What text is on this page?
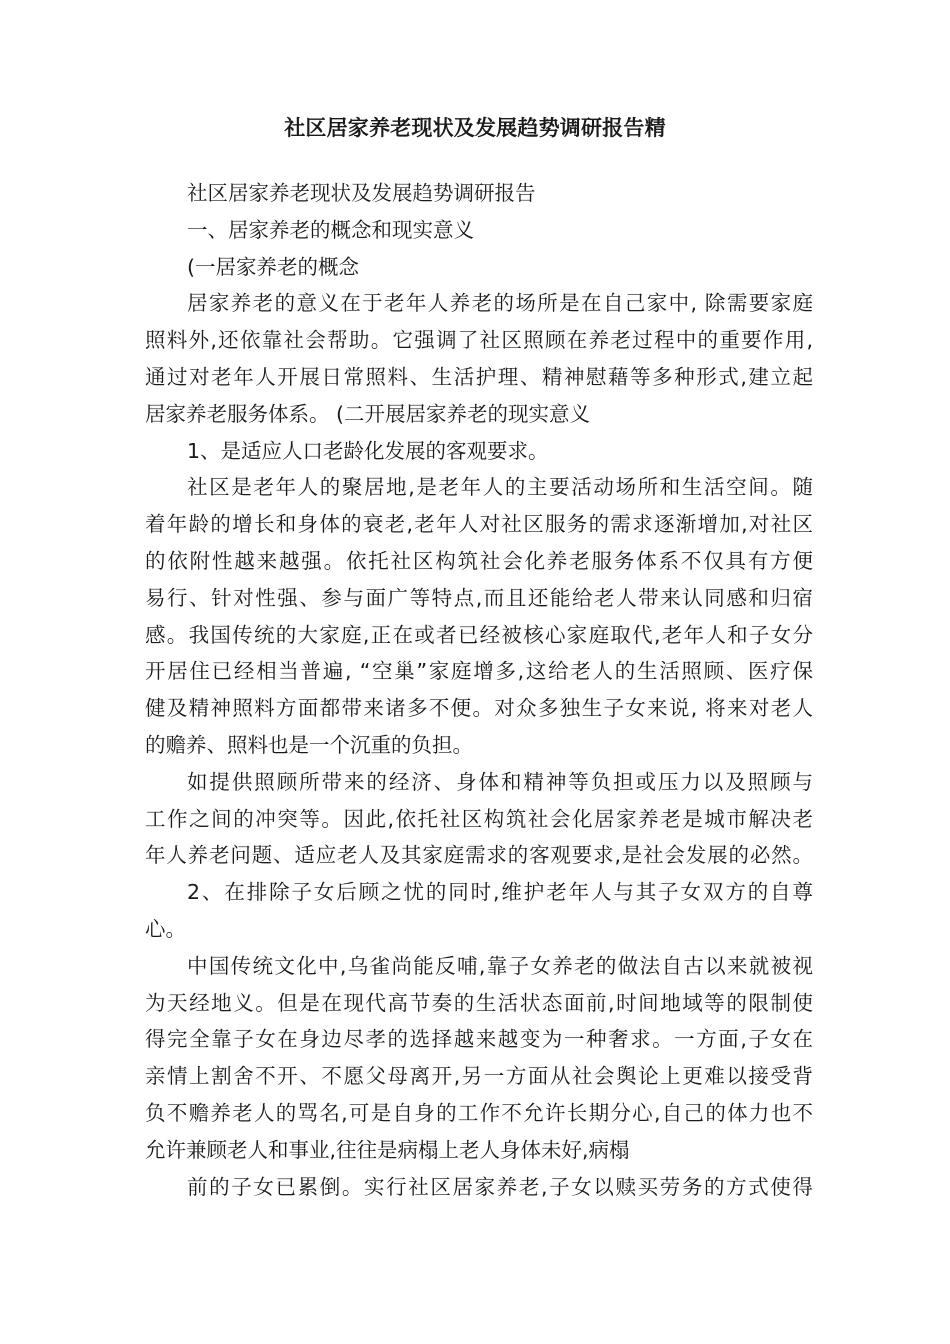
社区居家养老现状及发展趋势调研报告精
社区居家养老现状及发展趋势调研报告
一、居家养老的概念和现实意义
(一居家养老的概念
居家养老的意义在于老年人养老的场所是在自己家中, 除需要家庭
照料外,还依靠社会帮助。它强调了社区照顾在养老过程中的重要作用,
通过对老年人开展日常照料、生活护理、精神慰藉等多种形式,建立起
居家养老服务体系。 (二开展居家养老的现实意义
1、是适应人口老龄化发展的客观要求。
社区是老年人的聚居地,是老年人的主要活动场所和生活空间。随
着年龄的增长和身体的衰老,老年人对社区服务的需求逐渐增加,对社区
的依附性越来越强。依托社区构筑社会化养老服务体系不仅具有方便
易行、针对性强、参与面广等特点,而且还能给老人带来认同感和归宿
感。我国传统的大家庭,正在或者已经被核心家庭取代,老年人和子女分
开居住已经相当普遍, “空巢”家庭增多,这给老人的生活照顾、医疗保
健及精神照料方面都带来诸多不便。对众多独生子女来说, 将来对老人
的赡养、照料也是一个沉重的负担。
如提供照顾所带来的经济、身体和精神等负担或压力以及照顾与
工作之间的冲突等。因此,依托社区构筑社会化居家养老是城市解决老
年人养老问题、适应老人及其家庭需求的客观要求,是社会发展的必然。
2、在排除子女后顾之忧的同时,维护老年人与其子女双方的自尊
心。
中国传统文化中,乌雀尚能反哺,靠子女养老的做法自古以来就被视
为天经地义。但是在现代高节奏的生活状态面前,时间地域等的限制使
得完全靠子女在身边尽孝的选择越来越变为一种奢求。一方面,子女在
亲情上割舍不开、不愿父母离开,另一方面从社会舆论上更难以接受背
负不赡养老人的骂名,可是自身的工作不允许长期分心,自己的体力也不
允许兼顾老人和事业,往往是病榻上老人身体未好,病榻
前的子女已累倒。实行社区居家养老,子女以赎买劳务的方式使得
